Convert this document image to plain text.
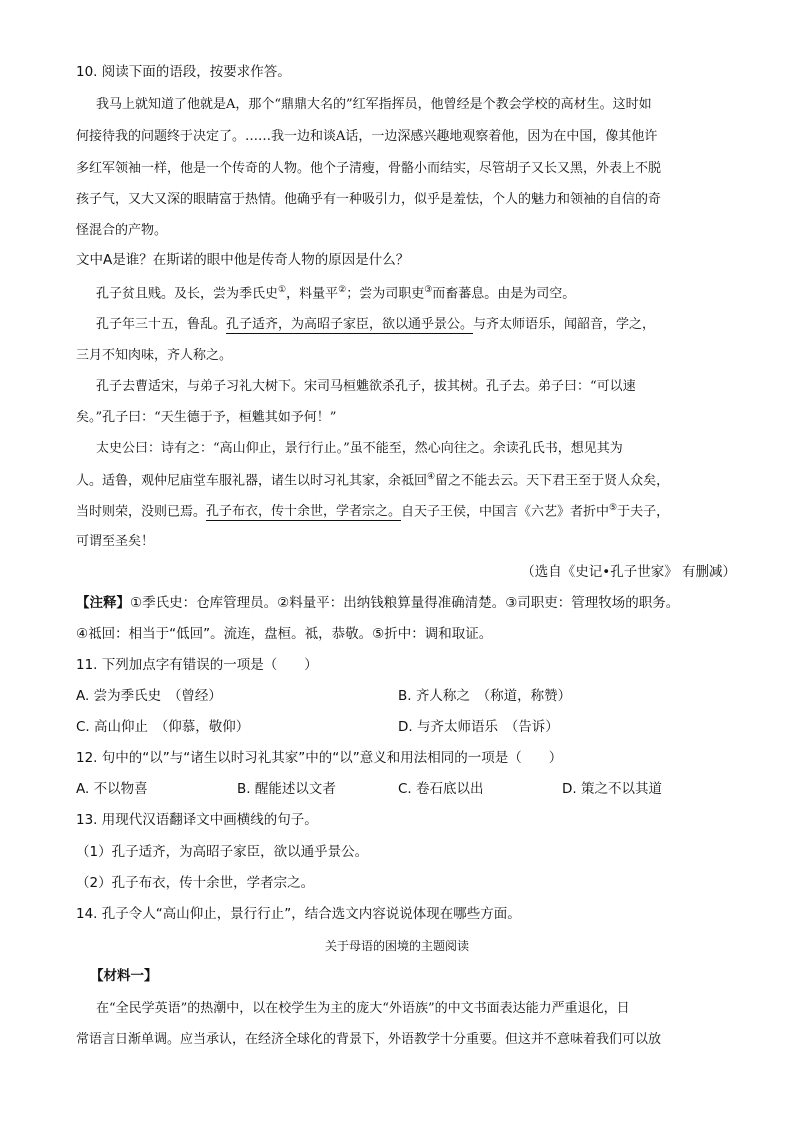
10. 阅读下面的语段，按要求作答。
我马上就知道了他就是A，那个“鼎鼎大名的”红军指挥员，他曾经是个教会学校的高材生。这时如
何接待我的问题终于决定了。……我一边和谈A话，一边深感兴趣地观察着他，因为在中国，像其他许
多红军领袖一样，他是一个传奇的人物。他个子清瘦，骨骼小而结实，尽管胡子又长又黑，外表上不脱
孩子气，又大又深的眼睛富于热情。他确乎有一种吸引力，似乎是羞怯，个人的魅力和领袖的自信的奇
怪混合的产物。
文中A是谁？在斯诺的眼中他是传奇人物的原因是什么？
孔子贫且贱。及长，尝为季氏史①，料量平②；尝为司职吏③而畜蕃息。由是为司空。
孔子年三十五，鲁乱。孔子适齐，为高昭子家臣，欲以通乎景公。与齐太师语乐，闻韶音，学之，
三月不知肉味，齐人称之。
孔子去曹适宋，与弟子习礼大树下。宋司马桓魋欲杀孔子，拔其树。孔子去。弟子曰：“可以速
矣。”孔子曰：“天生德于予，桓魋其如予何！”
太史公曰：诗有之：“高山仰止，景行行止。”虽不能至，然心向往之。余读孔氏书，想见其为
人。适鲁，观仲尼庙堂车服礼器，诸生以时习礼其家，余祗回④留之不能去云。天下君王至于贤人众矣，
当时则荣，没则已焉。孔子布衣，传十余世，学者宗之。自天子王侯，中国言《六艺》者折中⑤于夫子，
可谓至圣矣！
（选自《史记•孔子世家》 有删减）
【注释】①季氏史：仓库管理员。②料量平：出纳钱粮算量得准确清楚。③司职吏：管理牧场的职务。
④祗回：相当于“低回”。流连，盘桓。祗，恭敬。⑤折中：调和取证。
11. 下列加点字有错误的一项是（　　）
A. 尝为季氏史　（曾经）	B. 齐人称之　（称道，称赞）
C. 高山仰止　（仰慕，敬仰）	D. 与齐太师语乐　（告诉）
12. 句中的“以”与“诸生以时习礼其家”中的“以”意义和用法相同的一项是（　　）
A. 不以物喜	B. 醒能述以文者	C. 卷石底以出	D. 策之不以其道
13. 用现代汉语翻译文中画横线的句子。
（1）孔子适齐，为高昭子家臣，欲以通乎景公。
（2）孔子布衣，传十余世，学者宗之。
14. 孔子令人“高山仰止，景行行止”，结合选文内容说说体现在哪些方面。
关于母语的困境的主题阅读
【材料一】
在“全民学英语”的热潮中，以在校学生为主的庞大“外语族”的中文书面表达能力严重退化，日
常语言日渐单调。应当承认，在经济全球化的背景下，外语教学十分重要。但这并不意味着我们可以放
